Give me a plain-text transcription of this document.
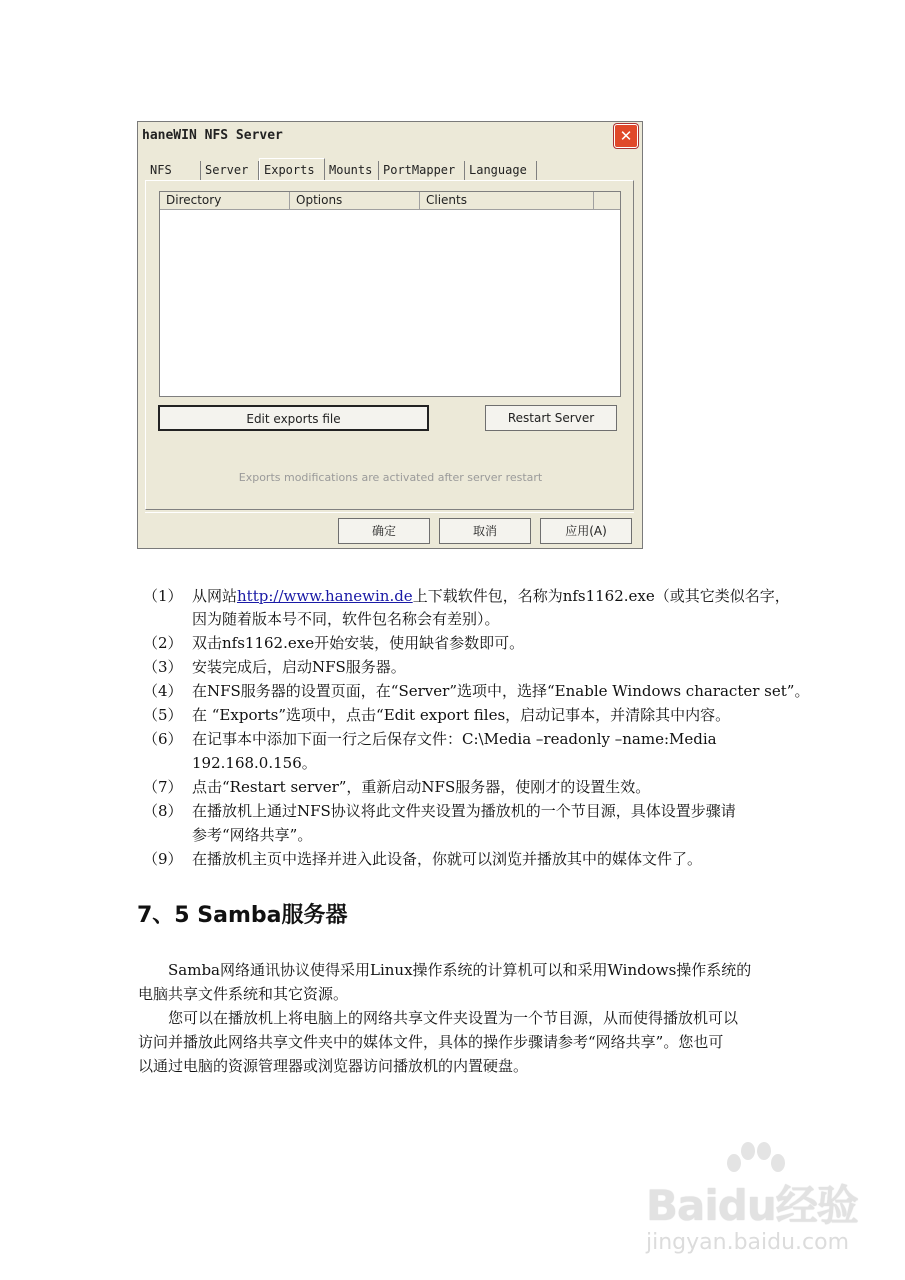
haneWIN NFS Server	✕
NFS	Server	Exports	Mounts PortMapper	Language
Directory	Options	Clients
Edit exports file	Restart Server
Exports modifications are activated after server restart
确定	取消	应用(A)
（1） 从网站http://www.hanewin.de上下载软件包，名称为nfs1162.exe（或其它类似名字，
因为随着版本号不同，软件包名称会有差别）。
（2） 双击nfs1162.exe开始安装，使用缺省参数即可。
（3） 安装完成后，启动NFS服务器。
（4） 在NFS服务器的设置页面，在“Server”选项中，选择“Enable Windows character set”。
（5） 在 “Exports”选项中，点击“Edit export files，启动记事本，并清除其中内容。
（6） 在记事本中添加下面一行之后保存文件：C:\Media –readonly –name:Media
192.168.0.156。
（7） 点击“Restart server”，重新启动NFS服务器，使刚才的设置生效。
（8） 在播放机上通过NFS协议将此文件夹设置为播放机的一个节目源，具体设置步骤请
参考“网络共享”。
（9） 在播放机主页中选择并进入此设备，你就可以浏览并播放其中的媒体文件了。
7、5 Samba服务器
Samba网络通讯协议使得采用Linux操作系统的计算机可以和采用Windows操作系统的
电脑共享文件系统和其它资源。
您可以在播放机上将电脑上的网络共享文件夹设置为一个节目源，从而使得播放机可以
访问并播放此网络共享文件夹中的媒体文件，具体的操作步骤请参考“网络共享”。您也可
以通过电脑的资源管理器或浏览器访问播放机的内置硬盘。
Baidu经验
jingyan.baidu.com
